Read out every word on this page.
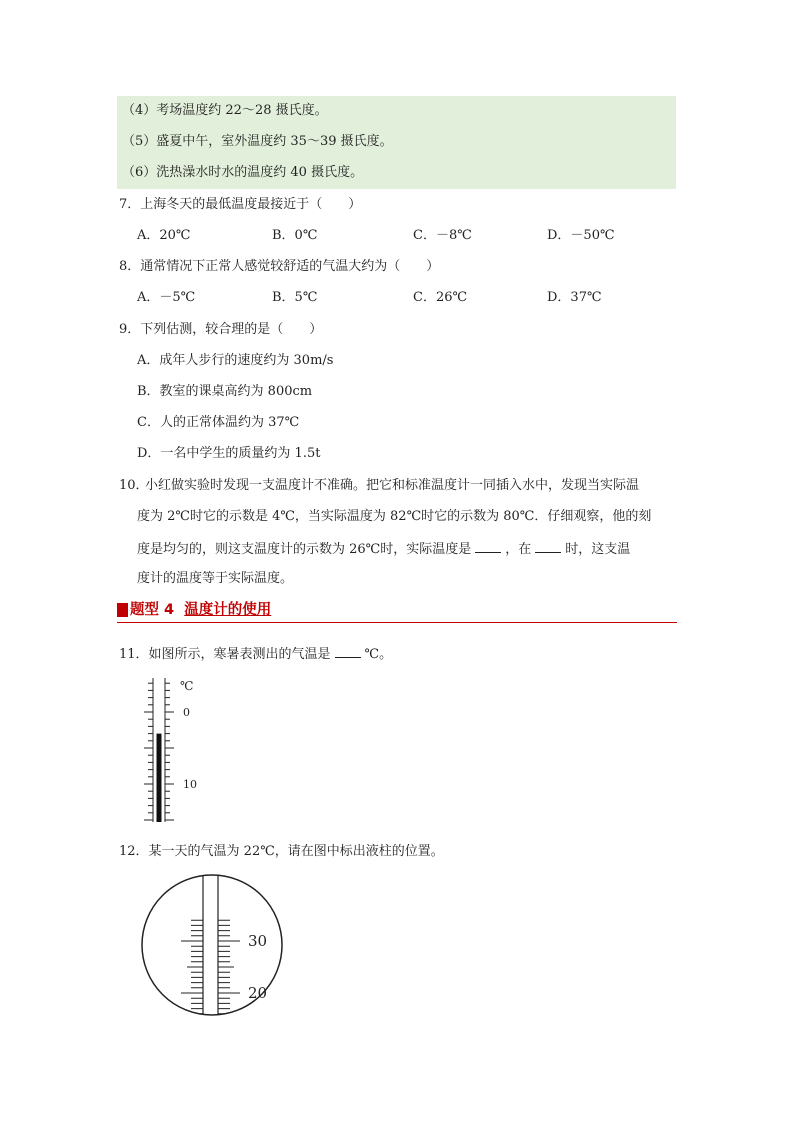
（4）考场温度约 22～28 摄氏度。
（5）盛夏中午，室外温度约 35～39 摄氏度。
（6）洗热澡水时水的温度约 40 摄氏度。
7．上海冬天的最低温度最接近于（　　）
A．20℃	B．0℃	C．－8℃	D．－50℃
8．通常情况下正常人感觉较舒适的气温大约为（　　）
A．－5℃	B．5℃	C．26℃	D．37℃
9．下列估测，较合理的是（　　）
A．成年人步行的速度约为 30m/s
B．教室的课桌高约为 800cm
C．人的正常体温约为 37℃
D．一名中学生的质量约为 1.5t
10．
小红做实验时发现一支温度计不准确。把它和标准温度计一同插入水中，发现当实际温
度为 2℃时它的示数是 4℃，当实际温度为 82℃时它的示数为 80℃．仔细观察，他的刻
度是均匀的，则这支温度计的示数为 26℃时，实际温度是	，在	时，这支温
度计的温度等于实际温度。
题型 4 温度计的使用
11．如图所示，寒暑表测出的气温是	℃。
℃
0
10
12．某一天的气温为 22℃，请在图中标出液柱的位置。
30
20
